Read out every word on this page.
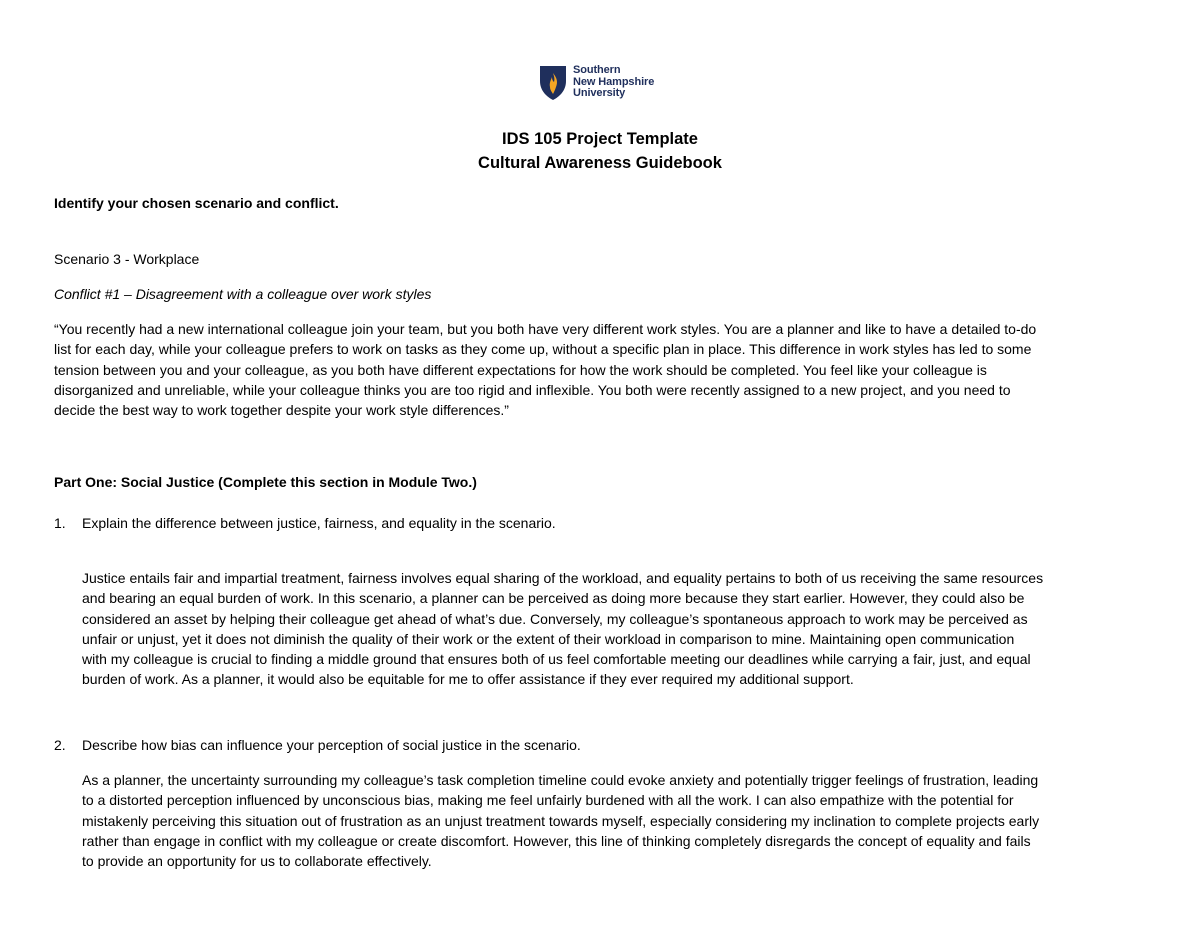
Southern
New Hampshire
University
IDS 105 Project Template
Cultural Awareness Guidebook
Identify your chosen scenario and conflict.
Scenario 3 - Workplace
Conflict #1 – Disagreement with a colleague over work styles
“You recently had a new international colleague join your team, but you both have very different work styles. You are a planner and like to have a detailed to-do
list for each day, while your colleague prefers to work on tasks as they come up, without a specific plan in place. This difference in work styles has led to some
tension between you and your colleague, as you both have different expectations for how the work should be completed. You feel like your colleague is
disorganized and unreliable, while your colleague thinks you are too rigid and inflexible. You both were recently assigned to a new project, and you need to
decide the best way to work together despite your work style differences.”
Part One: Social Justice (Complete this section in Module Two.)
1. Explain the difference between justice, fairness, and equality in the scenario.
Justice entails fair and impartial treatment, fairness involves equal sharing of the workload, and equality pertains to both of us receiving the same resources
and bearing an equal burden of work. In this scenario, a planner can be perceived as doing more because they start earlier. However, they could also be
considered an asset by helping their colleague get ahead of what’s due. Conversely, my colleague’s spontaneous approach to work may be perceived as
unfair or unjust, yet it does not diminish the quality of their work or the extent of their workload in comparison to mine. Maintaining open communication
with my colleague is crucial to finding a middle ground that ensures both of us feel comfortable meeting our deadlines while carrying a fair, just, and equal
burden of work. As a planner, it would also be equitable for me to offer assistance if they ever required my additional support.
2. Describe how bias can influence your perception of social justice in the scenario.
As a planner, the uncertainty surrounding my colleague’s task completion timeline could evoke anxiety and potentially trigger feelings of frustration, leading
to a distorted perception influenced by unconscious bias, making me feel unfairly burdened with all the work. I can also empathize with the potential for
mistakenly perceiving this situation out of frustration as an unjust treatment towards myself, especially considering my inclination to complete projects early
rather than engage in conflict with my colleague or create discomfort. However, this line of thinking completely disregards the concept of equality and fails
to provide an opportunity for us to collaborate effectively.
